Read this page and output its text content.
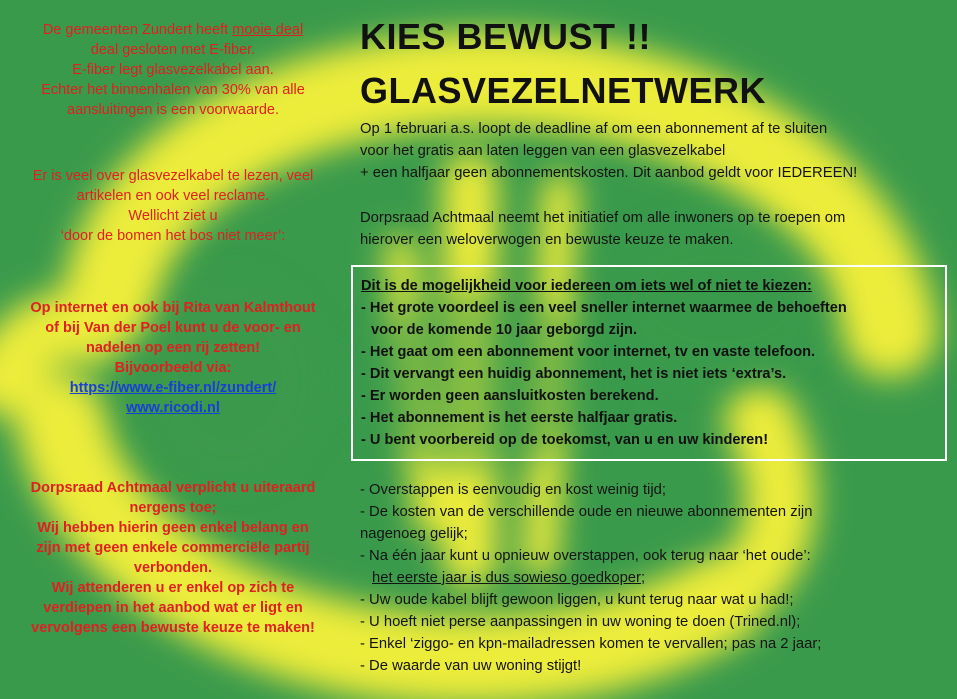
De gemeenten Zundert heeft mooie deal
deal gesloten met E-fiber.
E-fiber legt glasvezelkabel aan.
Echter het binnenhalen van 30% van alle
aansluitingen is een voorwaarde.

Er is veel over glasvezelkabel te lezen, veel
artikelen en ook veel reclame.
Wellicht ziet u
‘door de bomen het bos niet meer’:

Op internet en ook bij Rita van Kalmthout
of bij Van der Poel kunt u de voor- en
nadelen op een rij zetten!
Bijvoorbeeld via:
https://www.e-fiber.nl/zundert/
www.ricodi.nl

Dorpsraad Achtmaal verplicht u uiteraard
nergens toe;
Wij hebben hierin geen enkel belang en
zijn met geen enkele commerciële partij
verbonden.
Wij attenderen u er enkel op zich te
verdiepen in het aanbod wat er ligt en
vervolgens een bewuste keuze te maken!

KIES BEWUST !!
GLASVEZELNETWERK
Op 1 februari a.s. loopt de deadline af om een abonnement af te sluiten
voor het gratis aan laten leggen van een glasvezelkabel
+ een halfjaar geen abonnementskosten. Dit aanbod geldt voor IEDEREEN!
Dorpsraad Achtmaal neemt het initiatief om alle inwoners op te roepen om
hierover een weloverwogen en bewuste keuze te maken.
Dit is de mogelijkheid voor iedereen om iets wel of niet te kiezen:
- Het grote voordeel is een veel sneller internet waarmee de behoeften
voor de komende 10 jaar geborgd zijn.
- Het gaat om een abonnement voor internet, tv en vaste telefoon.
- Dit vervangt een huidig abonnement, het is niet iets ‘extra’s.
- Er worden geen aansluitkosten berekend.
- Het abonnement is het eerste halfjaar gratis.
- U bent voorbereid op de toekomst, van u en uw kinderen!
- Overstappen is eenvoudig en kost weinig tijd;
- De kosten van de verschillende oude en nieuwe abonnementen zijn
nagenoeg gelijk;
- Na één jaar kunt u opnieuw overstappen, ook terug naar ‘het oude’:
het eerste jaar is dus sowieso goedkoper;
- Uw oude kabel blijft gewoon liggen, u kunt terug naar wat u had!;
- U hoeft niet perse aanpassingen in uw woning te doen (Trined.nl);
- Enkel ‘ziggo- en kpn-mailadressen komen te vervallen; pas na 2 jaar;
- De waarde van uw woning stijgt!
